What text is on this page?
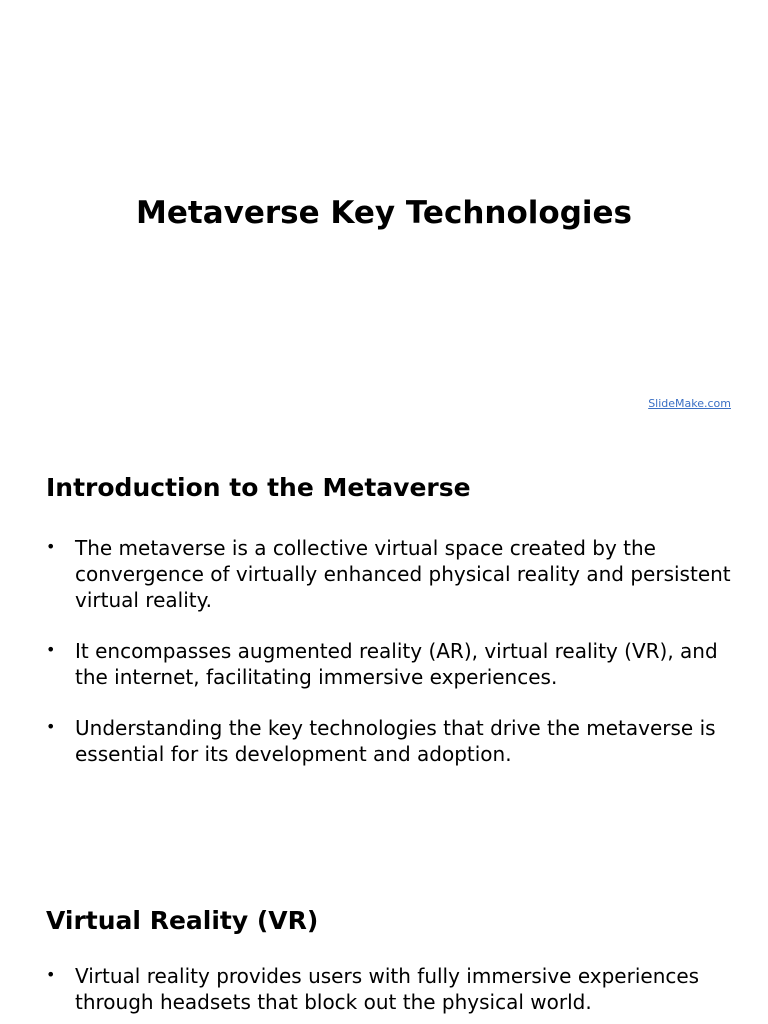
Metaverse Key Technologies
SlideMake.com
Introduction to the Metaverse
• The metaverse is a collective virtual space created by the convergence of virtually enhanced physical reality and persistent virtual reality.
• It encompasses augmented reality (AR), virtual reality (VR), and the internet, facilitating immersive experiences.
• Understanding the key technologies that drive the metaverse is essential for its development and adoption.
Virtual Reality (VR)
• Virtual reality provides users with fully immersive experiences through headsets that block out the physical world.
